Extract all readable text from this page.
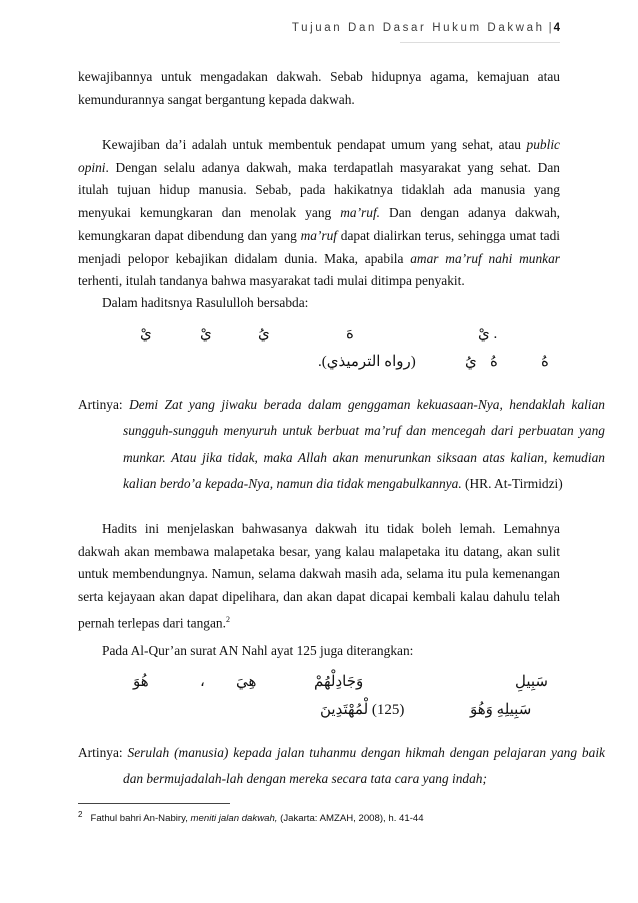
Tujuan Dan Dasar Hukum Dakwah | 4

kewajibannya untuk mengadakan dakwah. Sebab hidupnya agama, kemajuan atau kemundurannya sangat bergantung kepada dakwah.

Kewajiban da’i adalah untuk membentuk pendapat umum yang sehat, atau public opini. Dengan selalu adanya dakwah, maka terdapatlah masyarakat yang sehat. Dan itulah tujuan hidup manusia. Sebab, pada hakikatnya tidaklah ada manusia yang menyukai kemungkaran dan menolak yang ma’ruf. Dan dengan adanya dakwah, kemungkaran dapat dibendung dan yang ma’ruf dapat dialirkan terus, sehingga umat tadi menjadi pelopor kebajikan didalam dunia. Maka, apabila amar ma’ruf nahi munkar terhenti, itulah tandanya bahwa masyarakat tadi mulai ditimpa penyakit.

Dalam haditsnya Rasululloh bersabda:

يْ	يْ	يُ	هَ	. يْ
(رواه الترميذي).	يُ هُ	هُ

Artinya: Demi Zat yang jiwaku berada dalam genggaman kekuasaan-Nya, hendaklah kalian sungguh-sungguh menyuruh untuk berbuat ma’ruf dan mencegah dari perbuatan yang munkar. Atau jika tidak, maka Allah akan menurunkan siksaan atas kalian, kemudian kalian berdo’a kepada-Nya, namun dia tidak mengabulkannya. (HR. At-Tirmidzi)

Hadits ini menjelaskan bahwasanya dakwah itu tidak boleh lemah. Lemahnya dakwah akan membawa malapetaka besar, yang kalau malapetaka itu datang, akan sulit untuk membendungnya. Namun, selama dakwah masih ada, selama itu pula kemenangan serta kejayaan akan dapat dipelihara, dan akan dapat dicapai kembali kalau dahulu telah pernah terlepas dari tangan.$^2$

Pada Al-Qur’an surat AN Nahl ayat 125 juga diterangkan:

هُوَ	، هِيَ	وَجَادِلْهُمْ	سَبِيلِ
(125) لْمُهْتَدِينَ	سَبِيلِهِ وَهُوَ

Artinya: Serulah (manusia) kepada jalan tuhanmu dengan hikmah dengan pelajaran yang baik dan bermujadalah-lah dengan mereka secara tata cara yang indah;

$^2$ Fathul bahri An-Nabiry, meniti jalan dakwah, (Jakarta: AMZAH, 2008), h. 41-44
